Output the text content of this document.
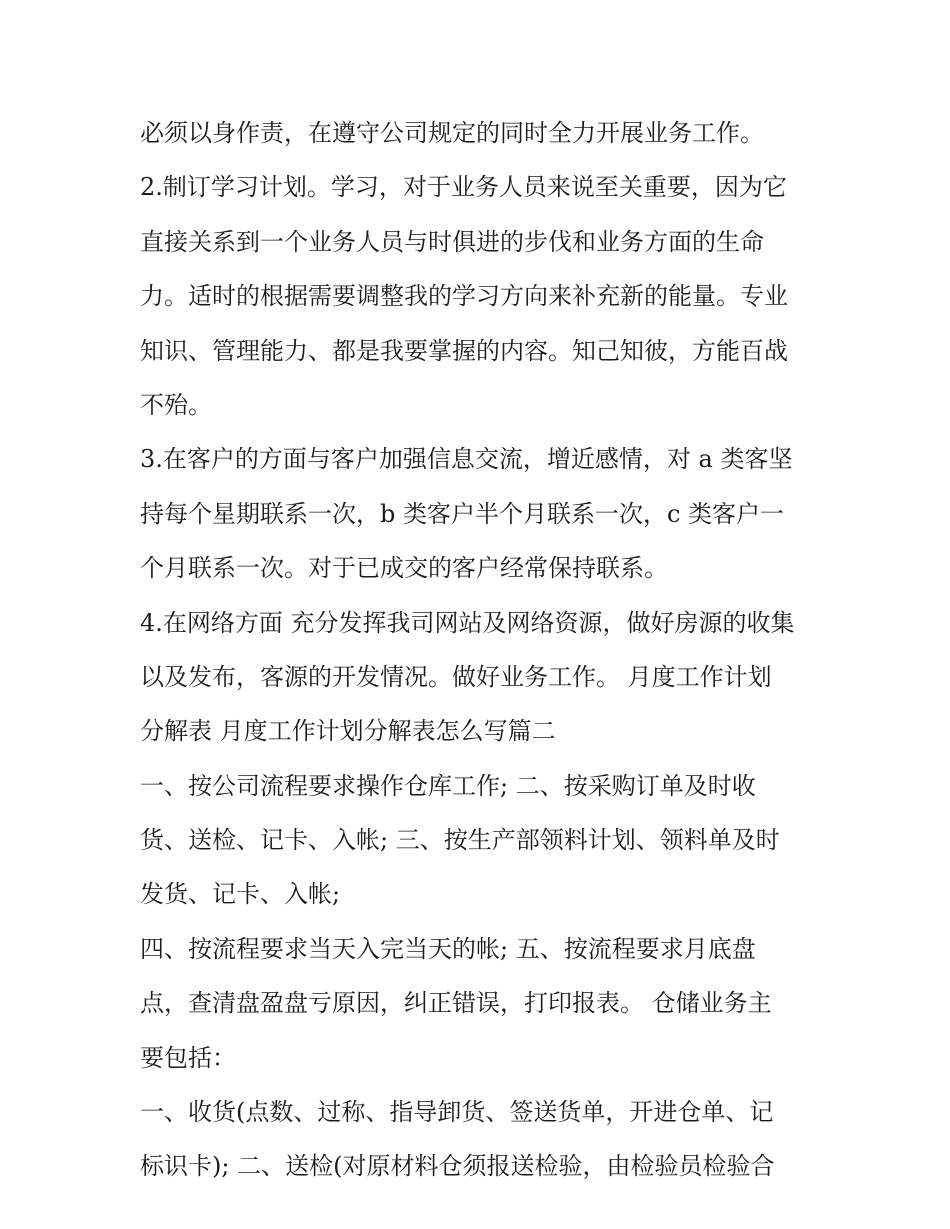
必须以身作责，在遵守公司规定的同时全力开展业务工作。
2.制订学习计划。学习，对于业务人员来说至关重要，因为它
直接关系到一个业务人员与时俱进的步伐和业务方面的生命
力。适时的根据需要调整我的学习方向来补充新的能量。专业
知识、管理能力、都是我要掌握的内容。知己知彼，方能百战
不殆。
3.在客户的方面与客户加强信息交流，增近感情，对 a 类客坚
持每个星期联系一次，b 类客户半个月联系一次，c 类客户一
个月联系一次。对于已成交的客户经常保持联系。
4.在网络方面 充分发挥我司网站及网络资源，做好房源的收集
以及发布，客源的开发情况。做好业务工作。 月度工作计划
分解表 月度工作计划分解表怎么写篇二
一、按公司流程要求操作仓库工作; 二、按采购订单及时收
货、送检、记卡、入帐; 三、按生产部领料计划、领料单及时
发货、记卡、入帐;
四、按流程要求当天入完当天的帐; 五、按流程要求月底盘
点，查清盘盈盘亏原因，纠正错误，打印报表。 仓储业务主
要包括：
一、收货(点数、过称、指导卸货、签送货单，开进仓单、记
标识卡); 二、送检(对原材料仓须报送检验，由检验员检验合
